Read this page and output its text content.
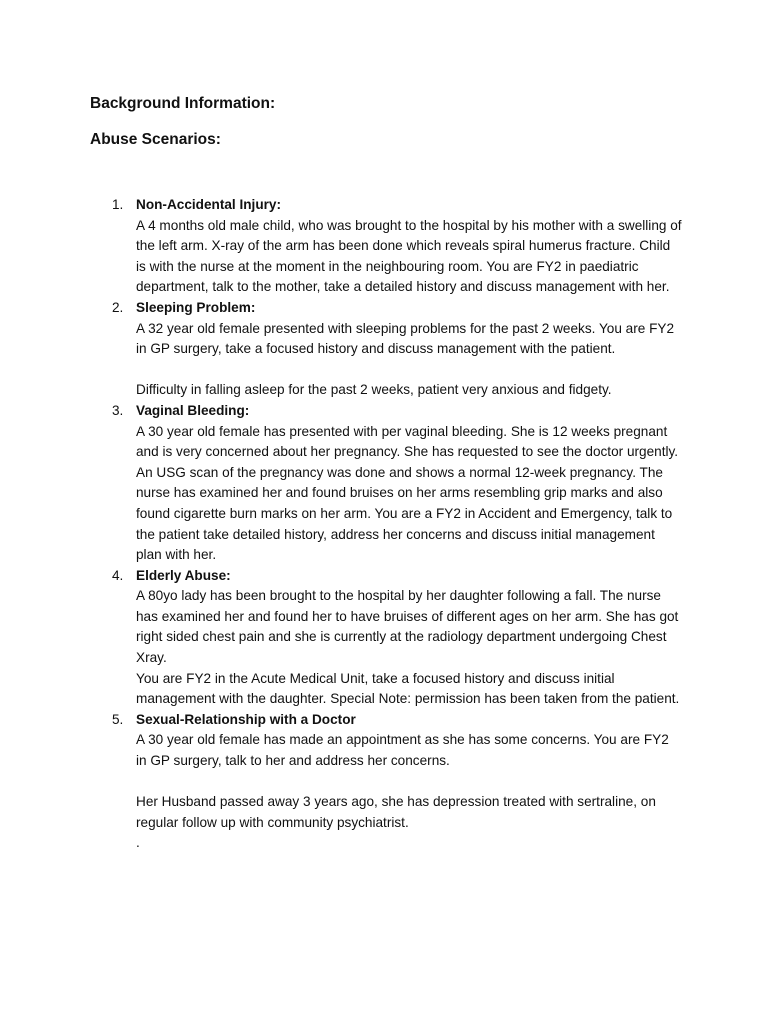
Background Information:
Abuse Scenarios:
1. Non-Accidental Injury:
A 4 months old male child, who was brought to the hospital by his mother with a swelling of the left arm. X-ray of the arm has been done which reveals spiral humerus fracture. Child is with the nurse at the moment in the neighbouring room. You are FY2 in paediatric department, talk to the mother, take a detailed history and discuss management with her.
2. Sleeping Problem:
A 32 year old female presented with sleeping problems for the past 2 weeks. You are FY2 in GP surgery, take a focused history and discuss management with the patient.
Difficulty in falling asleep for the past 2 weeks, patient very anxious and fidgety.
3. Vaginal Bleeding:
A 30 year old female has presented with per vaginal bleeding. She is 12 weeks pregnant and is very concerned about her pregnancy. She has requested to see the doctor urgently. An USG scan of the pregnancy was done and shows a normal 12-week pregnancy. The nurse has examined her and found bruises on her arms resembling grip marks and also found cigarette burn marks on her arm. You are a FY2 in Accident and Emergency, talk to the patient take detailed history, address her concerns and discuss initial management plan with her.
4. Elderly Abuse:
A 80yo lady has been brought to the hospital by her daughter following a fall. The nurse has examined her and found her to have bruises of different ages on her arm. She has got right sided chest pain and she is currently at the radiology department undergoing Chest Xray.
You are FY2 in the Acute Medical Unit, take a focused history and discuss initial management with the daughter. Special Note: permission has been taken from the patient.
5. Sexual-Relationship with a Doctor
A 30 year old female has made an appointment as she has some concerns. You are FY2 in GP surgery, talk to her and address her concerns.
Her Husband passed away 3 years ago, she has depression treated with sertraline, on regular follow up with community psychiatrist.
.
